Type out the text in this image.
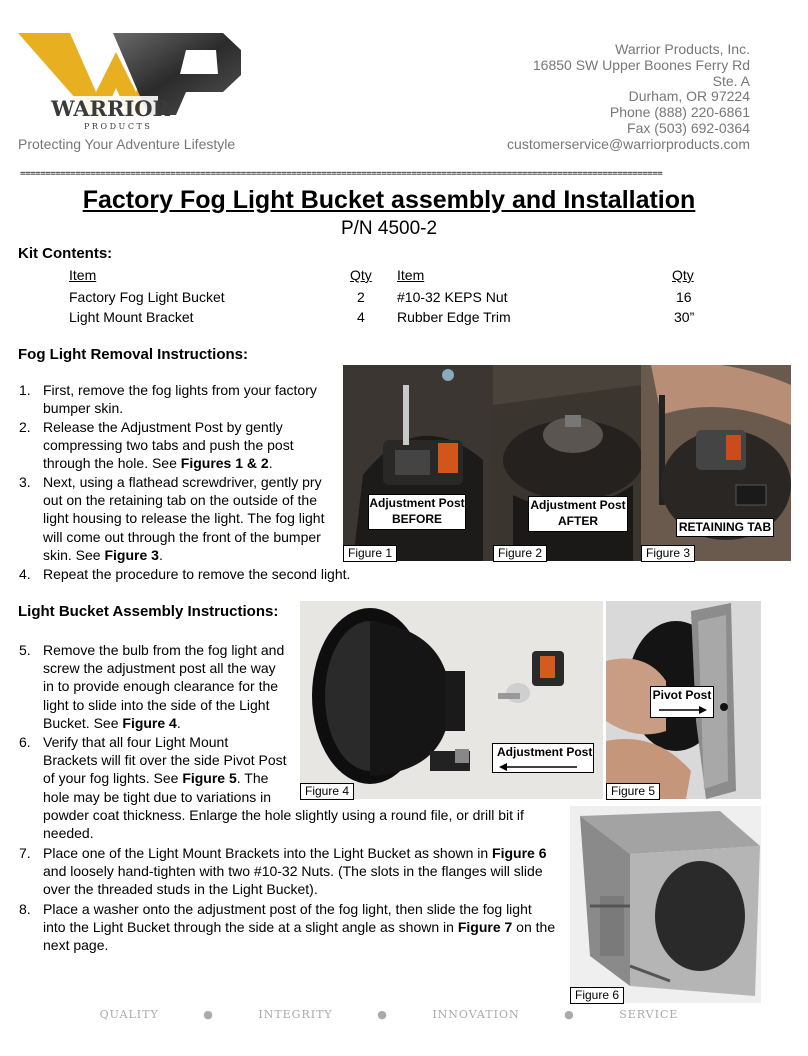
WARRIOR
P R O D U C T S
Protecting Your Adventure Lifestyle
Warrior Products, Inc.
16850 SW Upper Boones Ferry Rd
Ste. A
Durham, OR 97224
Phone (888) 220-6861
Fax (503) 692-0364
customerservice@warriorproducts.com
================================================================================================================================
Factory Fog Light Bucket assembly and Installation
P/N 4500-2
Kit Contents:
Item	Qty Item	Qty
Factory Fog Light Bucket	2 #10-32 KEPS Nut	16
Light Mount Bracket	4 Rubber Edge Trim	30”
Fog Light Removal Instructions:
1. First, remove the fog lights from your factory
bumper skin.
2. Release the Adjustment Post by gently
compressing two tabs and push the post
through the hole. See Figures 1 & 2.
3. Next, using a flathead screwdriver, gently pry
out on the retaining tab on the outside of the
light housing to release the light. The fog light
will come out through the front of the bumper
skin. See Figure 3.
4. Repeat the procedure to remove the second light.
Adjustment Post
BEFORE
Adjustment Post
AFTER	RETAINING TAB
Figure 1	Figure 2	Figure 3
Light Bucket Assembly Instructions:
5. Remove the bulb from the fog light and
screw the adjustment post all the way
in to provide enough clearance for the
light to slide into the side of the Light
Bucket. See Figure 4.
6. Verify that all four Light Mount
Brackets will fit over the side Pivot Post
of your fog lights. See Figure 5. The
hole may be tight due to variations in
powder coat thickness. Enlarge the hole slightly using a round file, or drill bit if
needed.
7. Place one of the Light Mount Brackets into the Light Bucket as shown in Figure 6
and loosely hand-tighten with two #10-32 Nuts. (The slots in the flanges will slide
over the threaded studs in the Light Bucket).
8. Place a washer onto the adjustment post of the fog light, then slide the fog light
into the Light Bucket through the side at a slight angle as shown in Figure 7 on the
next page.
Adjustment Post
Figure 4
Pivot Post
Figure 5
Figure 6
QUALITY	●	INTEGRITY	●	INNOVATION	●	SERVICE
